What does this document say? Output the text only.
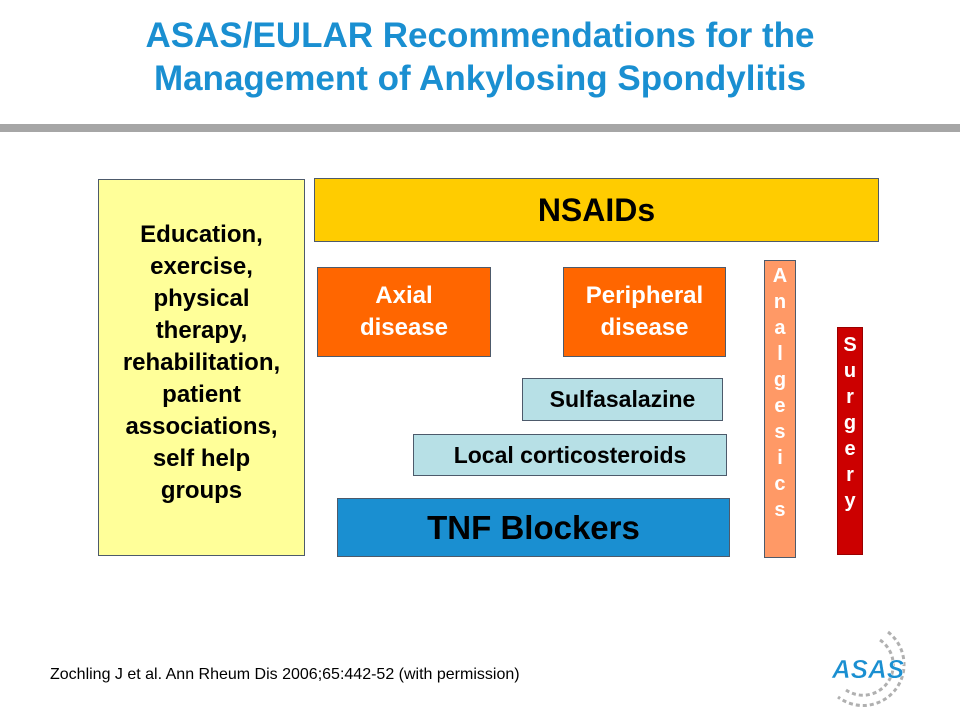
ASAS/EULAR Recommendations for the
Management of Ankylosing Spondylitis
Education,
exercise,
physical
therapy,
rehabilitation,
patient
associations,
self help
groups
NSAIDs
Axial
disease
Peripheral
disease
Sulfasalazine
Local corticosteroids
TNF Blockers
A
n
a
l
g
e
s
i
c
s
S
u
r
g
e
r
y
Zochling J et al. Ann Rheum Dis 2006;65:442-52 (with permission)	ASAS
